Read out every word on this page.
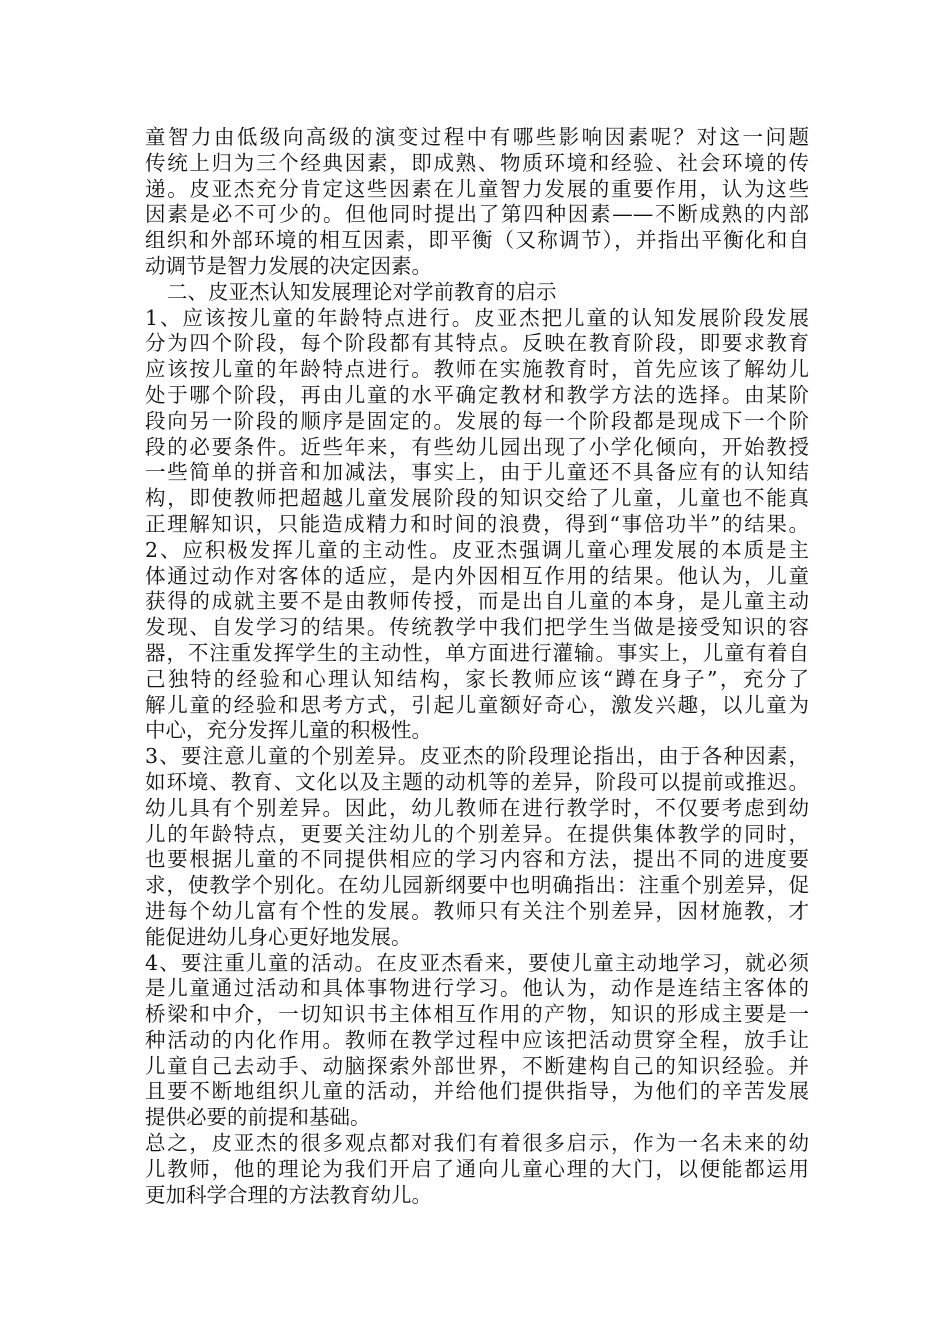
童智力由低级向高级的演变过程中有哪些影响因素呢？对这一问题
传统上归为三个经典因素，即成熟、物质环境和经验、社会环境的传
递。皮亚杰充分肯定这些因素在儿童智力发展的重要作用，认为这些
因素是必不可少的。但他同时提出了第四种因素——不断成熟的内部
组织和外部环境的相互因素，即平衡（又称调节），并指出平衡化和自
动调节是智力发展的决定因素。
二、皮亚杰认知发展理论对学前教育的启示
1、应该按儿童的年龄特点进行。皮亚杰把儿童的认知发展阶段发展
分为四个阶段，每个阶段都有其特点。反映在教育阶段，即要求教育
应该按儿童的年龄特点进行。教师在实施教育时，首先应该了解幼儿
处于哪个阶段，再由儿童的水平确定教材和教学方法的选择。由某阶
段向另一阶段的顺序是固定的。发展的每一个阶段都是现成下一个阶
段的必要条件。近些年来，有些幼儿园出现了小学化倾向，开始教授
一些简单的拼音和加减法，事实上，由于儿童还不具备应有的认知结
构，即使教师把超越儿童发展阶段的知识交给了儿童，儿童也不能真
正理解知识，只能造成精力和时间的浪费，得到“事倍功半”的结果。
2、应积极发挥儿童的主动性。皮亚杰强调儿童心理发展的本质是主
体通过动作对客体的适应，是内外因相互作用的结果。他认为，儿童
获得的成就主要不是由教师传授，而是出自儿童的本身，是儿童主动
发现、自发学习的结果。传统教学中我们把学生当做是接受知识的容
器，不注重发挥学生的主动性，单方面进行灌输。事实上，儿童有着自
己独特的经验和心理认知结构，家长教师应该“蹲在身子”，充分了
解儿童的经验和思考方式，引起儿童额好奇心，激发兴趣，以儿童为
中心，充分发挥儿童的积极性。
3、要注意儿童的个别差异。皮亚杰的阶段理论指出，由于各种因素，
如环境、教育、文化以及主题的动机等的差异，阶段可以提前或推迟。
幼儿具有个别差异。因此，幼儿教师在进行教学时，不仅要考虑到幼
儿的年龄特点，更要关注幼儿的个别差异。在提供集体教学的同时，
也要根据儿童的不同提供相应的学习内容和方法，提出不同的进度要
求，使教学个别化。在幼儿园新纲要中也明确指出：注重个别差异，促
进每个幼儿富有个性的发展。教师只有关注个别差异，因材施教，才
能促进幼儿身心更好地发展。
4、要注重儿童的活动。在皮亚杰看来，要使儿童主动地学习，就必须
是儿童通过活动和具体事物进行学习。他认为，动作是连结主客体的
桥梁和中介，一切知识书主体相互作用的产物，知识的形成主要是一
种活动的内化作用。教师在教学过程中应该把活动贯穿全程，放手让
儿童自己去动手、动脑探索外部世界，不断建构自己的知识经验。并
且要不断地组织儿童的活动，并给他们提供指导，为他们的辛苦发展
提供必要的前提和基础。
总之，皮亚杰的很多观点都对我们有着很多启示，作为一名未来的幼
儿教师，他的理论为我们开启了通向儿童心理的大门，以便能都运用
更加科学合理的方法教育幼儿。
